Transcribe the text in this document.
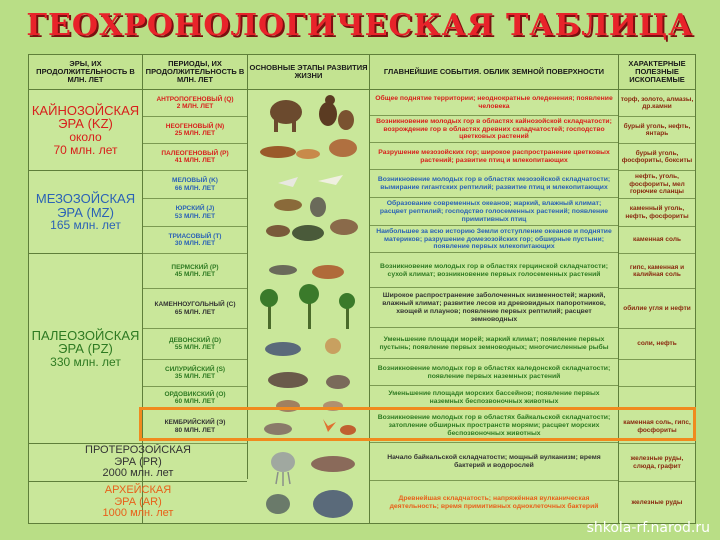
ГЕОХРОНОЛОГИЧЕСКАЯ ТАБЛИЦА
ЭРЫ, ИХ ПРОДОЛЖИТЕЛЬНОСТЬ В МЛН. ЛЕТ
ПЕРИОДЫ, ИХ ПРОДОЛЖИТЕЛЬНОСТЬ В МЛН. ЛЕТ
ОСНОВНЫЕ ЭТАПЫ РАЗВИТИЯ ЖИЗНИ	ГЛАВНЕЙШИЕ СОБЫТИЯ. ОБЛИК ЗЕМНОЙ ПОВЕРХНОСТИ
ХАРАКТЕРНЫЕ ПОЛЕЗНЫЕ ИСКОПАЕМЫЕ
КАЙНОЗОЙСКАЯ
ЭРА (KZ)
около
70 млн. лет
МЕЗОЗОЙСКАЯ
ЭРА (MZ)
165 млн. лет
ПАЛЕОЗОЙСКАЯ
ЭРА (PZ)
330 млн. лет
ПРОТЕРОЗОЙСКАЯ
ЭРА (PR)
2000 млн. лет
АРХЕЙСКАЯ
ЭРА (AR)
1000 млн. лет
АНТРОПОГЕНОВЫЙ (Q)
2 МЛН. ЛЕТ
НЕОГЕНОВЫЙ (N)
25 МЛН. ЛЕТ
ПАЛЕОГЕНОВЫЙ (P)
41 МЛН. ЛЕТ
МЕЛОВЫЙ (K)
66 МЛН. ЛЕТ
ЮРСКИЙ (J)
53 МЛН. ЛЕТ
ТРИАСОВЫЙ (T)
30 МЛН. ЛЕТ
ПЕРМСКИЙ (P)
45 МЛН. ЛЕТ
КАМЕННОУГОЛЬНЫЙ (C)
65 МЛН. ЛЕТ
ДЕВОНСКИЙ (D)
55 МЛН. ЛЕТ
СИЛУРИЙСКИЙ (S)
35 МЛН. ЛЕТ
ОРДОВИКСКИЙ (O)
60 МЛН. ЛЕТ
КЕМБРИЙСКИЙ (Э)
80 МЛН. ЛЕТ
Общее поднятие территории; неоднократные оледенения; появление человека
Возникновение молодых гор в областях кайнозойской складчатости; возрождение гор в областях древних складчатостей; господство цветковых растений
Разрушение мезозойских гор; широкое распространение цветковых растений; развитие птиц и млекопитающих
Возникновение молодых гор в областях мезозойской складчатости; вымирание гигантских рептилий; развитие птиц и млекопитающих
Образование современных океанов; жаркий, влажный климат; расцвет рептилий; господство голосеменных растений; появление примитивных птиц
Наибольшее за всю историю Земли отступление океанов и поднятие материков; разрушение домезозойских гор; обширные пустыни; появление первых млекопитающих
Возникновение молодых гор в областях герцинской складчатости; сухой климат; возникновение первых голосеменных растений
Широкое распространение заболоченных низменностей; жаркий, влажный климат; развитие лесов из древовидных папоротников, хвощей и плаунов; появление первых рептилий; расцвет земноводных
Уменьшение площади морей; жаркий климат; появление первых пустынь; появление первых земноводных; многочисленные рыбы
Возникновение молодых гор в областях каледонской складчатости; появление первых наземных растений
Уменьшение площади морских бассейнов; появление первых наземных беспозвоночных животных
Возникновение молодых гор в областях байкальской складчатости; затопление обширных пространств морями; расцвет морских беспозвоночных животных
Начало байкальской складчатости; мощный вулканизм; время бактерий и водорослей
Древнейшая складчатость; напряжённая вулканическая деятельность; время примитивных одноклеточных бактерий
торф, золото, алмазы, др.камни
бурый уголь, нефть, янтарь
бурый уголь, фосфориты, бокситы
нефть, уголь, фосфориты, мел горючие сланцы
каменный уголь, нефть, фосфориты
каменная соль
гипс, каменная и калийная соль
обилие угля и нефти
соли, нефть
каменная соль, гипс, фосфориты
железные руды, слюда, графит
железные руды
shkola-rf.narod.ru
